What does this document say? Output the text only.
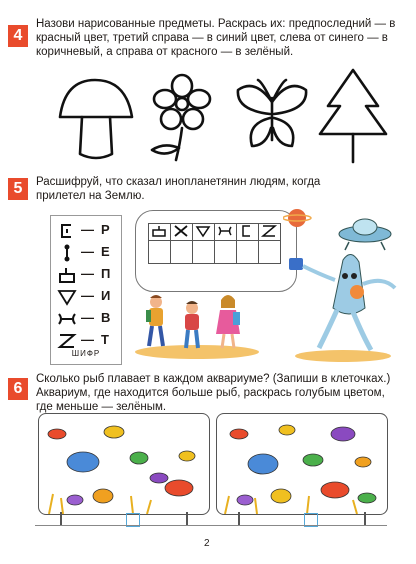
4
Назови нарисованные предметы. Раскрась их: предпоследний — в красный цвет, третий справа — в синий цвет, слева от синего — в коричневый, а справа от красного — в зелёный.
5	Расшифруй, что сказал инопланетянин людям, когда прилетел на Землю.
— Р
— Е
— П
— И
— В
— Т
ШИФР
6
Сколько рыб плавает в каждом аквариуме? (Запиши в клеточках.) Аквариум, где находится больше рыб, раскрась голубым цветом, где меньше — зелёным.
2
